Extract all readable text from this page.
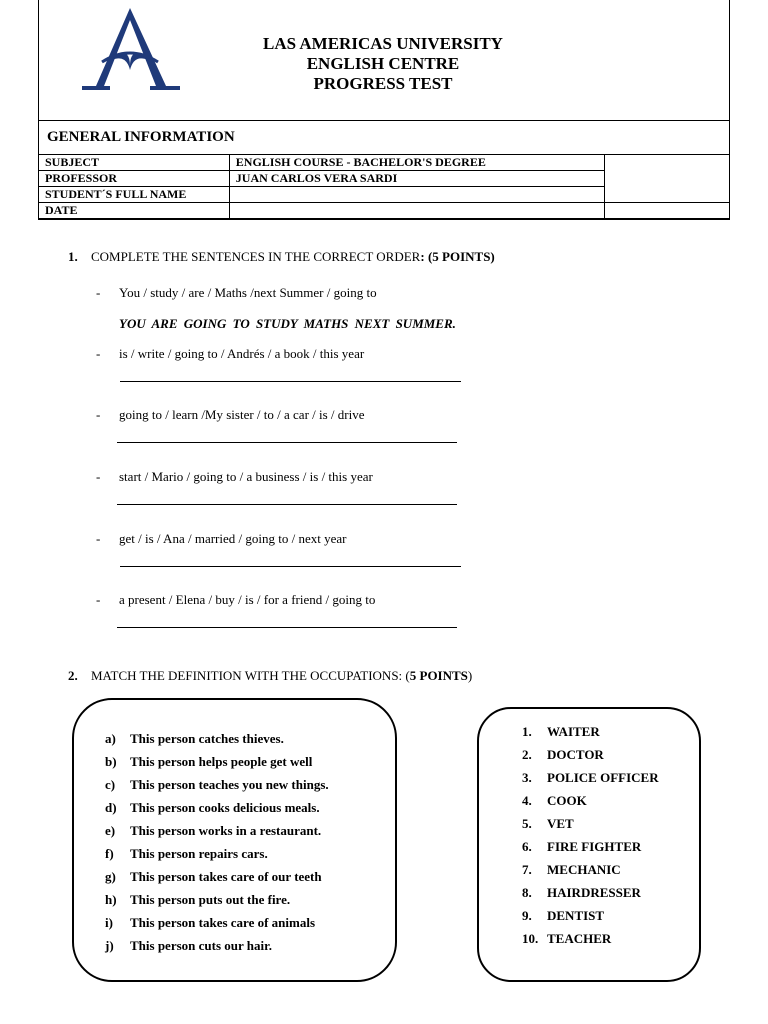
LAS AMERICAS UNIVERSITY
ENGLISH CENTRE
PROGRESS TEST
GENERAL INFORMATION
SUBJECT	ENGLISH COURSE - BACHELOR'S DEGREE	
PROFESSOR	JUAN CARLOS VERA SARDI	
STUDENT´S FULL NAME		
DATE		
1. COMPLETE THE SENTENCES IN THE CORRECT ORDER: (5 POINTS)
- You / study / are / Maths /next Summer / going to
YOU ARE GOING TO STUDY MATHS NEXT SUMMER.
- is / write / going to / Andrés / a book / this year
- going to / learn /My sister / to / a car / is / drive
- start / Mario / going to / a business / is / this year
- get / is / Ana / married / going to / next year
- a present / Elena / buy / is / for a friend / going to
2. MATCH THE DEFINITION WITH THE OCCUPATIONS: (5 POINTS)
a) This person catches thieves.
b) This person helps people get well
c) This person teaches you new things.
d) This person cooks delicious meals.
e) This person works in a restaurant.
f) This person repairs cars.
g) This person takes care of our teeth
h) This person puts out the fire.
i) This person takes care of animals
j) This person cuts our hair.
1. WAITER
2. DOCTOR
3. POLICE OFFICER
4. COOK
5. VET
6. FIRE FIGHTER
7. MECHANIC
8. HAIRDRESSER
9. DENTIST
10. TEACHER
